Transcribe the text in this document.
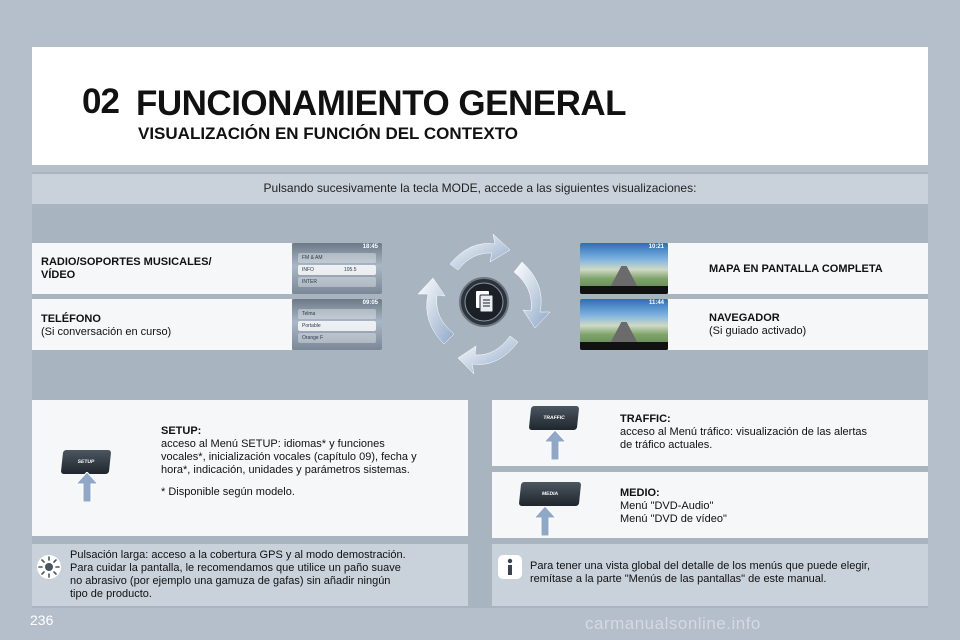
02 FUNCIONAMIENTO GENERAL
VISUALIZACIÓN EN FUNCIÓN DEL CONTEXTO
Pulsando sucesivamente la tecla MODE, accede a las siguientes visualizaciones:
RADIO/SOPORTES MUSICALES/
VÍDEO
18:45
FM & AM
INFO	105.5
INTER
TELÉFONO
(Si conversación en curso)
09:05
Telma
Portable
Orange F
10:21
MAPA EN PANTALLA COMPLETA
11:44
NAVEGADOR
(Si guiado activado)
SETUP
SETUP:
acceso al Menú SETUP: idiomas* y funciones
vocales*, inicialización vocales (capítulo 09), fecha y
hora*, indicación, unidades y parámetros sistemas.
* Disponible según modelo.
TRAFFIC	TRAFFIC:
acceso al Menú tráfico: visualización de las alertas
de tráfico actuales.
MEDIA	MEDIO:
Menú "DVD-Audio"
Menú "DVD de vídeo"
Pulsación larga: acceso a la cobertura GPS y al modo demostración.
Para cuidar la pantalla, le recomendamos que utilice un paño suave
no abrasivo (por ejemplo una gamuza de gafas) sin añadir ningún
tipo de producto.
Para tener una vista global del detalle de los menús que puede elegir,
remítase a la parte "Menús de las pantallas" de este manual.
236	carmanualsonline.info
